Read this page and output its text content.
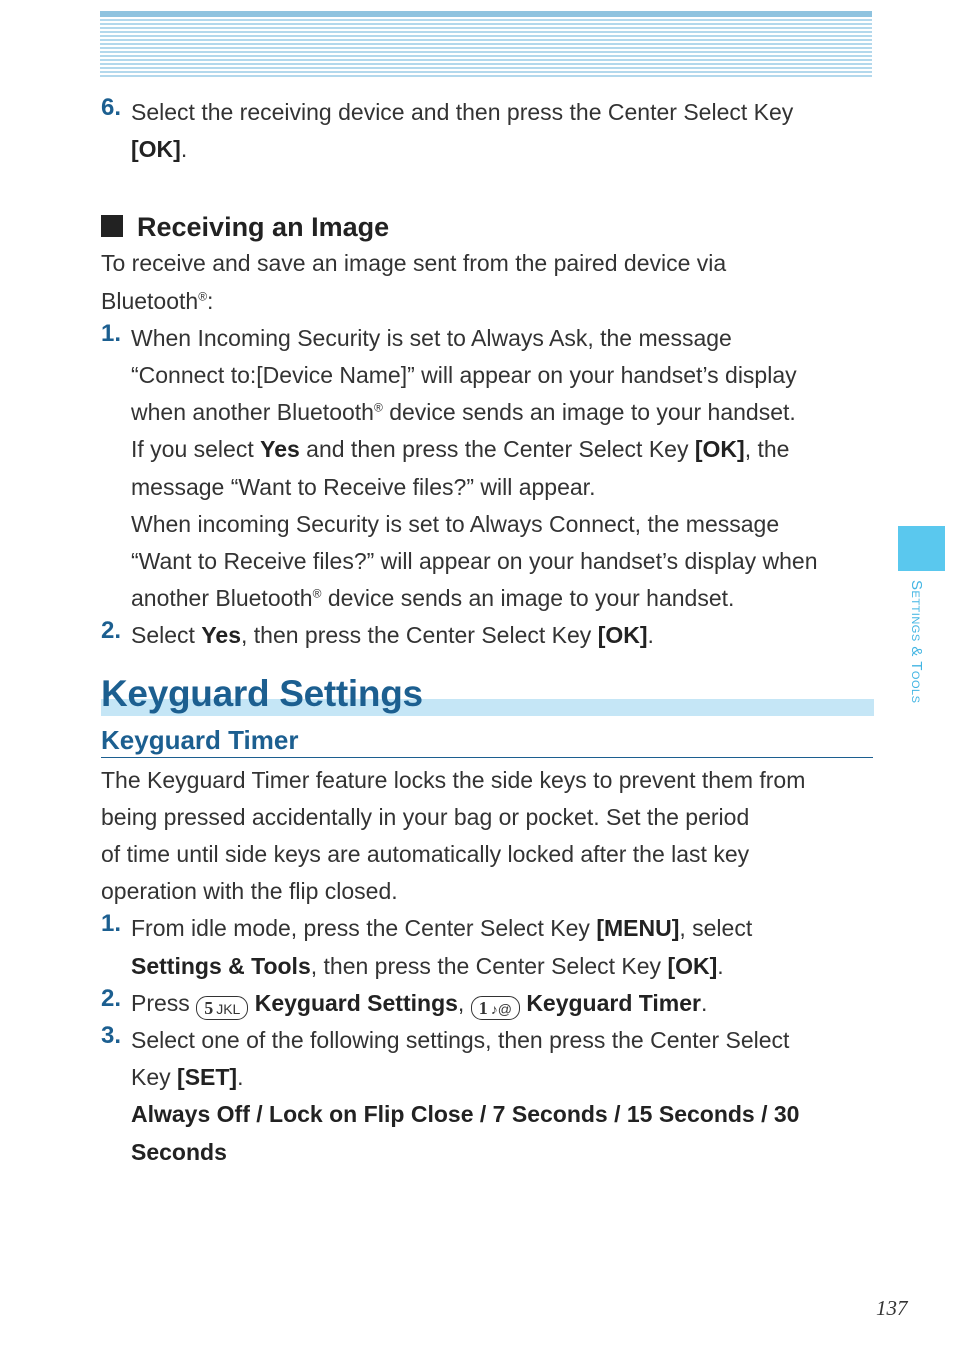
6. Select the receiving device and then press the Center Select Key
[OK].
Receiving an Image
To receive and save an image sent from the paired device via
Bluetooth®:
1. When Incoming Security is set to Always Ask, the message
“Connect to:[Device Name]” will appear on your handset’s display
when another Bluetooth® device sends an image to your handset.
If you select Yes and then press the Center Select Key [OK], the
message “Want to Receive files?” will appear.
When incoming Security is set to Always Connect, the message
“Want to Receive files?” will appear on your handset’s display when
another Bluetooth® device sends an image to your handset.
2. Select Yes, then press the Center Select Key [OK].
Keyguard Settings
Keyguard Timer
The Keyguard Timer feature locks the side keys to prevent them from
being pressed accidentally in your bag or pocket. Set the period
of time until side keys are automatically locked after the last key
operation with the flip closed.
1. From idle mode, press the Center Select Key [MENU], select
Settings & Tools, then press the Center Select Key [OK].
2. Press 5 JKL Keyguard Settings, 1 ♪@ Keyguard Timer.
3. Select one of the following settings, then press the Center Select
Key [SET].
Always Off / Lock on Flip Close / 7 Seconds / 15 Seconds / 30
Seconds
Settings & Tools
137
